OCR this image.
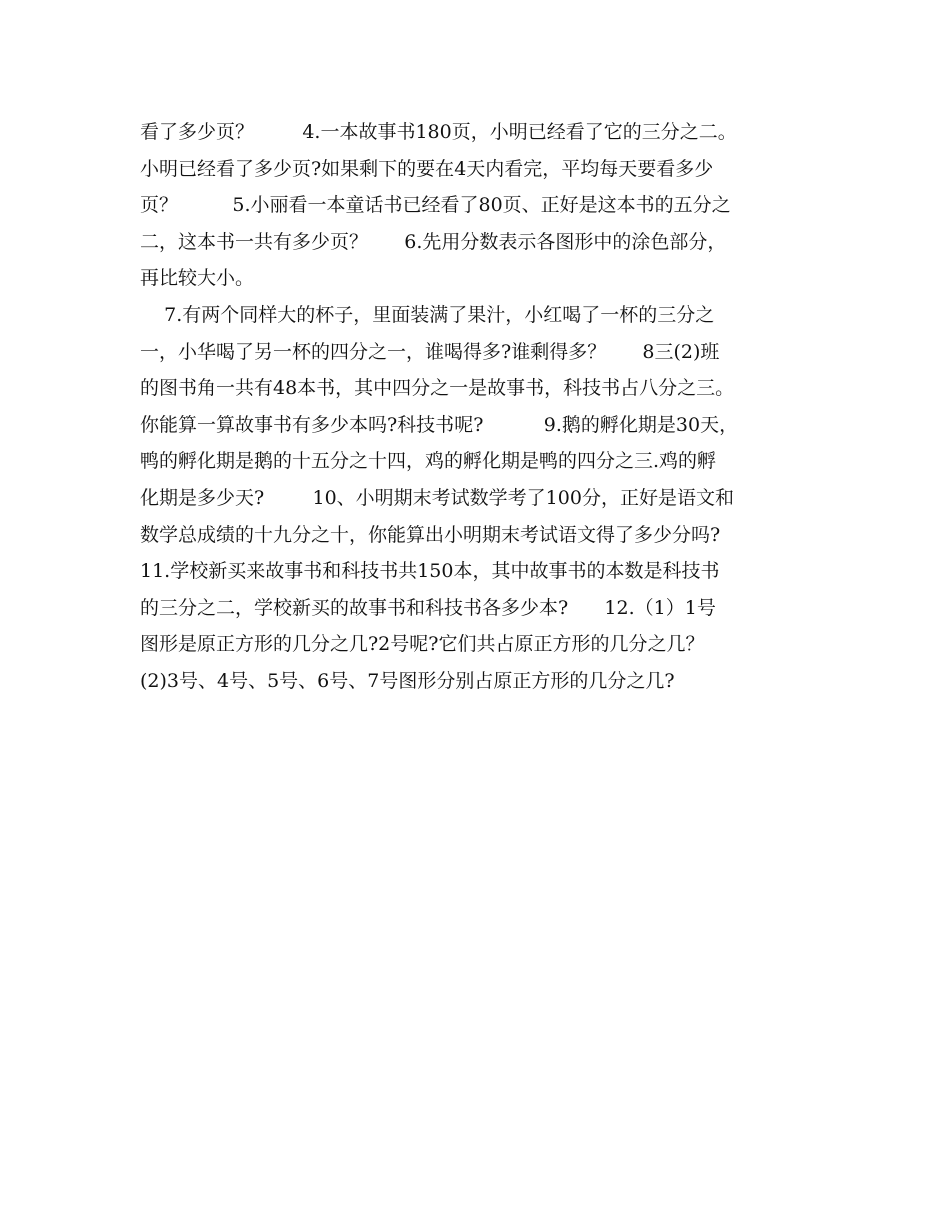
看了多少页？        4.一本故事书180页，小明已经看了它的三分之二。
小明已经看了多少页?如果剩下的要在4天内看完，平均每天要看多少
页？         5.小丽看一本童话书已经看了80页、正好是这本书的五分之
二，这本书一共有多少页？      6.先用分数表示各图形中的涂色部分，
再比较大小。
7.有两个同样大的杯子，里面装满了果汁，小红喝了一杯的三分之
一，小华喝了另一杯的四分之一，谁喝得多?谁剩得多？      8三(2)班
的图书角一共有48本书，其中四分之一是故事书，科技书占八分之三。
你能算一算故事书有多少本吗?科技书呢?          9.鹅的孵化期是30天，
鸭的孵化期是鹅的十五分之十四，鸡的孵化期是鸭的四分之三.鸡的孵
化期是多少天?        10、小明期末考试数学考了100分，正好是语文和
数学总成绩的十九分之十，你能算出小明期末考试语文得了多少分吗?
11.学校新买来故事书和科技书共150本，其中故事书的本数是科技书
的三分之二，学校新买的故事书和科技书各多少本?      12.（1）1号
图形是原正方形的几分之几?2号呢?它们共占原正方形的几分之几？
(2)3号、4号、5号、6号、7号图形分别占原正方形的几分之几?
